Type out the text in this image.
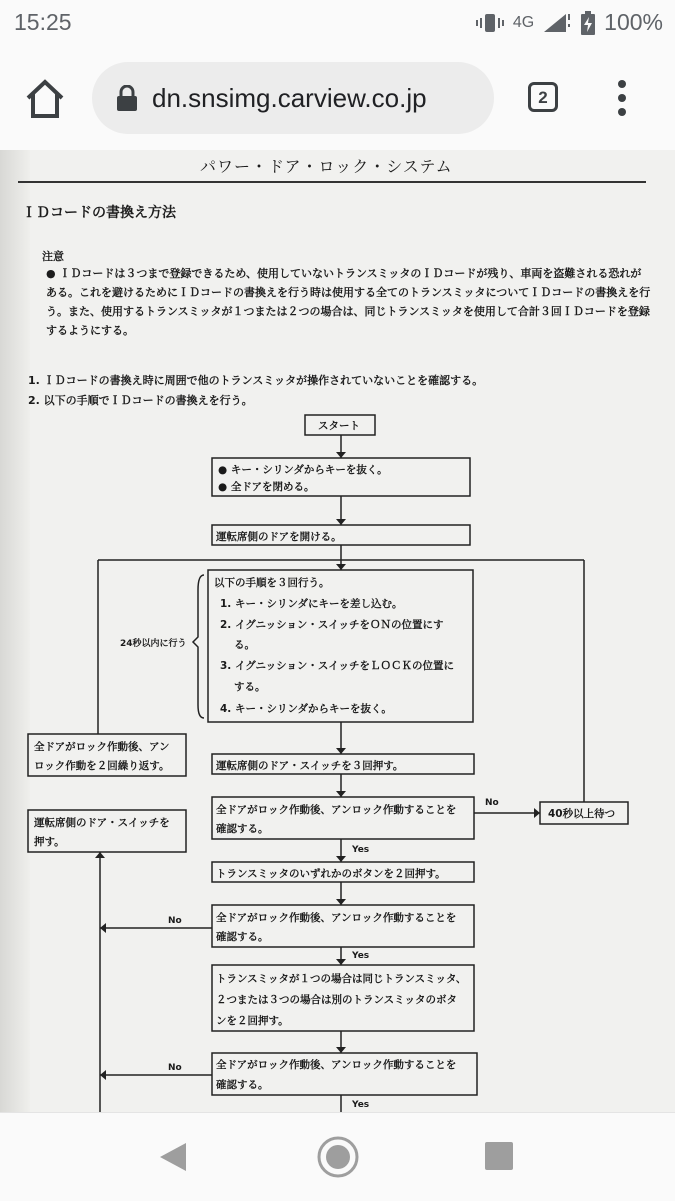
15:25	4G	100%
dn.snsimg.carview.co.jp	2
パワー・ドア・ロック・システム
ＩＤコードの書換え方法
注意
● ＩＤコードは３つまで登録できるため、使用していないトランスミッタのＩＤコードが残り、車両を盗難される恐れがある。これを避けるためにＩＤコードの書換えを行う時は使用する全てのトランスミッタについてＩＤコードの書換えを行う。また、使用するトランスミッタが１つまたは２つの場合は、同じトランスミッタを使用して合計３回ＩＤコードを登録するようにする。
1. ＩＤコードの書換え時に周囲で他のトランスミッタが操作されていないことを確認する。
2. 以下の手順でＩＤコードの書換えを行う。
スタート
● キー・シリンダからキーを抜く。
● 全ドアを閉める。
運転席側のドアを開ける。
以下の手順を３回行う。
1. キー・シリンダにキーを差し込む。
2. イグニッション・スイッチをＯＮの位置にす
る。
3. イグニッション・スイッチをＬＯＣＫの位置に
する。
4. キー・シリンダからキーを抜く。
24秒以内に行う
運転席側のドア・スイッチを３回押す。
全ドアがロック作動後、アンロック作動することを
確認する。
No
40秒以上待つ
Yes
トランスミッタのいずれかのボタンを２回押す。
全ドアがロック作動後、アンロック作動することを
確認する。
No
Yes
トランスミッタが１つの場合は同じトランスミッタ、
２つまたは３つの場合は別のトランスミッタのボタ
ンを２回押す。
全ドアがロック作動後、アンロック作動することを
確認する。
No
Yes
全ドアがロック作動後、アン
ロック作動を２回繰り返す。
運転席側のドア・スイッチを
押す。
